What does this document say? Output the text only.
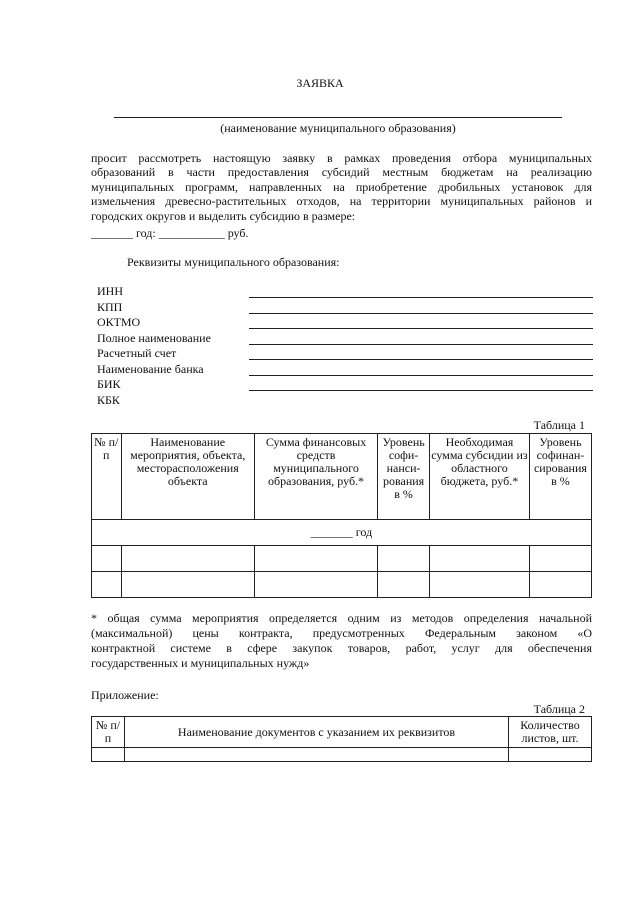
ЗАЯВКА
(наименование муниципального образования)
просит рассмотреть настоящую заявку в рамках проведения отбора муниципальных
образований в части предоставления субсидий местным бюджетам на реализацию
муниципальных программ, направленных на приобретение дробильных установок для
измельчения древесно-растительных отходов, на территории муниципальных районов и
городских округов и выделить субсидию в размере:
_______ год: ___________ руб.
Реквизиты муниципального образования:
ИНН
КПП
ОКТМО
Полное наименование
Расчетный счет
Наименование банка
БИК
КБК
Таблица 1
№ п/п	Наименование мероприятия, объекта, месторасположения объекта	Сумма финансовых средств муниципального образования, руб.*	Уровень софи-нанси-рования в %	Необходимая сумма субсидии из областного бюджета, руб.*	Уровень софинан-сирования в %
_______ год					

* общая сумма мероприятия определяется одним из методов определения начальной
(максимальной) цены контракта, предусмотренных Федеральным законом «О
контрактной системе в сфере закупок товаров, работ, услуг для обеспечения
государственных и муниципальных нужд»
Приложение:
Таблица 2
№ п/п	Наименование документов с указанием их реквизитов	Количество листов, шт.
